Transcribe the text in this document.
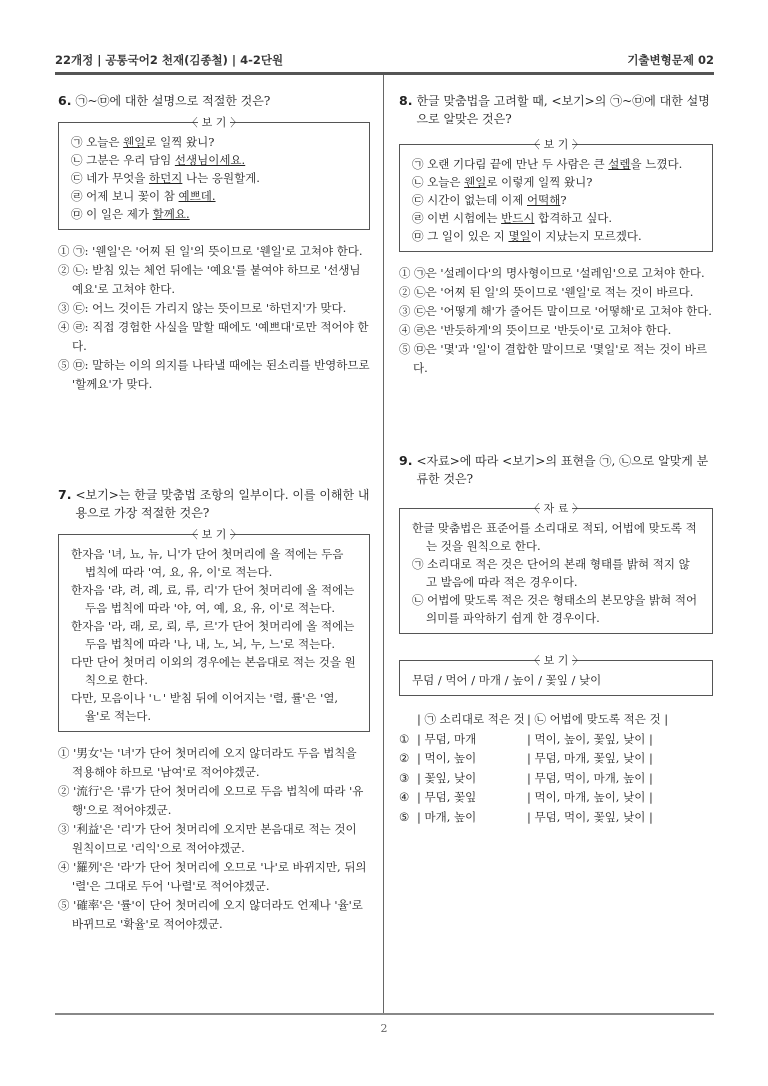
22개정 | 공통국어2 천재(김종철) | 4-2단원	기출변형문제 02
2
6. ㉠~㉤에 대한 설명으로 적절한 것은?
〈 보 기 〉
㉠ 오늘은 웬일로 일찍 왔니?
㉡ 그분은 우리 담임 선생님이세요.
㉢ 네가 무엇을 하던지 나는 응원할게.
㉣ 어제 보니 꽃이 참 예쁘데.
㉤ 이 일은 제가 할께요.
① ㉠: '웬일'은 '어찌 된 일'의 뜻이므로 '웬일'로 고쳐야 한다.
② ㉡: 받침 있는 체언 뒤에는 '예요'를 붙여야 하므로 '선생님예요'로 고쳐야 한다.
③ ㉢: 어느 것이든 가리지 않는 뜻이므로 '하던지'가 맞다.
④ ㉣: 직접 경험한 사실을 말할 때에도 '예쁘대'로만 적어야 한다.
⑤ ㉤: 말하는 이의 의지를 나타낼 때에는 된소리를 반영하므로 '할께요'가 맞다.
7. <보기>는 한글 맞춤법 조항의 일부이다. 이를 이해한 내용으로 가장 적절한 것은?
〈 보 기 〉
한자음 '녀, 뇨, 뉴, 니'가 단어 첫머리에 올 적에는 두음 법칙에 따라 '여, 요, 유, 이'로 적는다.
한자음 '랴, 려, 례, 료, 류, 리'가 단어 첫머리에 올 적에는 두음 법칙에 따라 '야, 여, 예, 요, 유, 이'로 적는다.
한자음 '라, 래, 로, 뢰, 루, 르'가 단어 첫머리에 올 적에는 두음 법칙에 따라 '나, 내, 노, 뇌, 누, 느'로 적는다.
다만 단어 첫머리 이외의 경우에는 본음대로 적는 것을 원칙으로 한다.
다만, 모음이나 'ㄴ' 받침 뒤에 이어지는 '렬, 률'은 '열, 율'로 적는다.
① '男女'는 '녀'가 단어 첫머리에 오지 않더라도 두음 법칙을 적용해야 하므로 '남여'로 적어야겠군.
② '流行'은 '류'가 단어 첫머리에 오므로 두음 법칙에 따라 '유행'으로 적어야겠군.
③ '利益'은 '리'가 단어 첫머리에 오지만 본음대로 적는 것이 원칙이므로 '리익'으로 적어야겠군.
④ '羅列'은 '라'가 단어 첫머리에 오므로 '나'로 바뀌지만, 뒤의 '렬'은 그대로 두어 '나렬'로 적어야겠군.
⑤ '確率'은 '률'이 단어 첫머리에 오지 않더라도 언제나 '율'로 바뀌므로 '확율'로 적어야겠군.
8. 한글 맞춤법을 고려할 때, <보기>의 ㉠~㉤에 대한 설명으로 알맞은 것은?
〈 보 기 〉
㉠ 오랜 기다림 끝에 만난 두 사람은 큰 설렘을 느꼈다.
㉡ 오늘은 웬일로 이렇게 일찍 왔니?
㉢ 시간이 없는데 이제 어떡해?
㉣ 이번 시험에는 반드시 합격하고 싶다.
㉤ 그 일이 있은 지 몇일이 지났는지 모르겠다.
① ㉠은 '설레이다'의 명사형이므로 '설레임'으로 고쳐야 한다.
② ㉡은 '어찌 된 일'의 뜻이므로 '웬일'로 적는 것이 바르다.
③ ㉢은 '어떻게 해'가 줄어든 말이므로 '어떻해'로 고쳐야 한다.
④ ㉣은 '반듯하게'의 뜻이므로 '반듯이'로 고쳐야 한다.
⑤ ㉤은 '몇'과 '일'이 결합한 말이므로 '몇일'로 적는 것이 바르다.
9. <자료>에 따라 <보기>의 표현을 ㉠, ㉡으로 알맞게 분류한 것은?
〈 자 료 〉
한글 맞춤법은 표준어를 소리대로 적되, 어법에 맞도록 적는 것을 원칙으로 한다.
㉠ 소리대로 적은 것은 단어의 본래 형태를 밝혀 적지 않고 발음에 따라 적은 경우이다.
㉡ 어법에 맞도록 적은 것은 형태소의 본모양을 밝혀 적어 의미를 파악하기 쉽게 한 경우이다.
〈 보 기 〉
무덤 / 먹어 / 마개 / 높이 / 꽃잎 / 낮이
| ㉠ 소리대로 적은 것 | ㉡ 어법에 맞도록 적은 것 |
① | 무덤, 마개	| 먹이, 높이, 꽃잎, 낮이 |
② | 먹이, 높이	| 무덤, 마개, 꽃잎, 낮이 |
③ | 꽃잎, 낮이	| 무덤, 먹이, 마개, 높이 |
④ | 무덤, 꽃잎	| 먹이, 마개, 높이, 낮이 |
⑤ | 마개, 높이	| 무덤, 먹이, 꽃잎, 낮이 |
